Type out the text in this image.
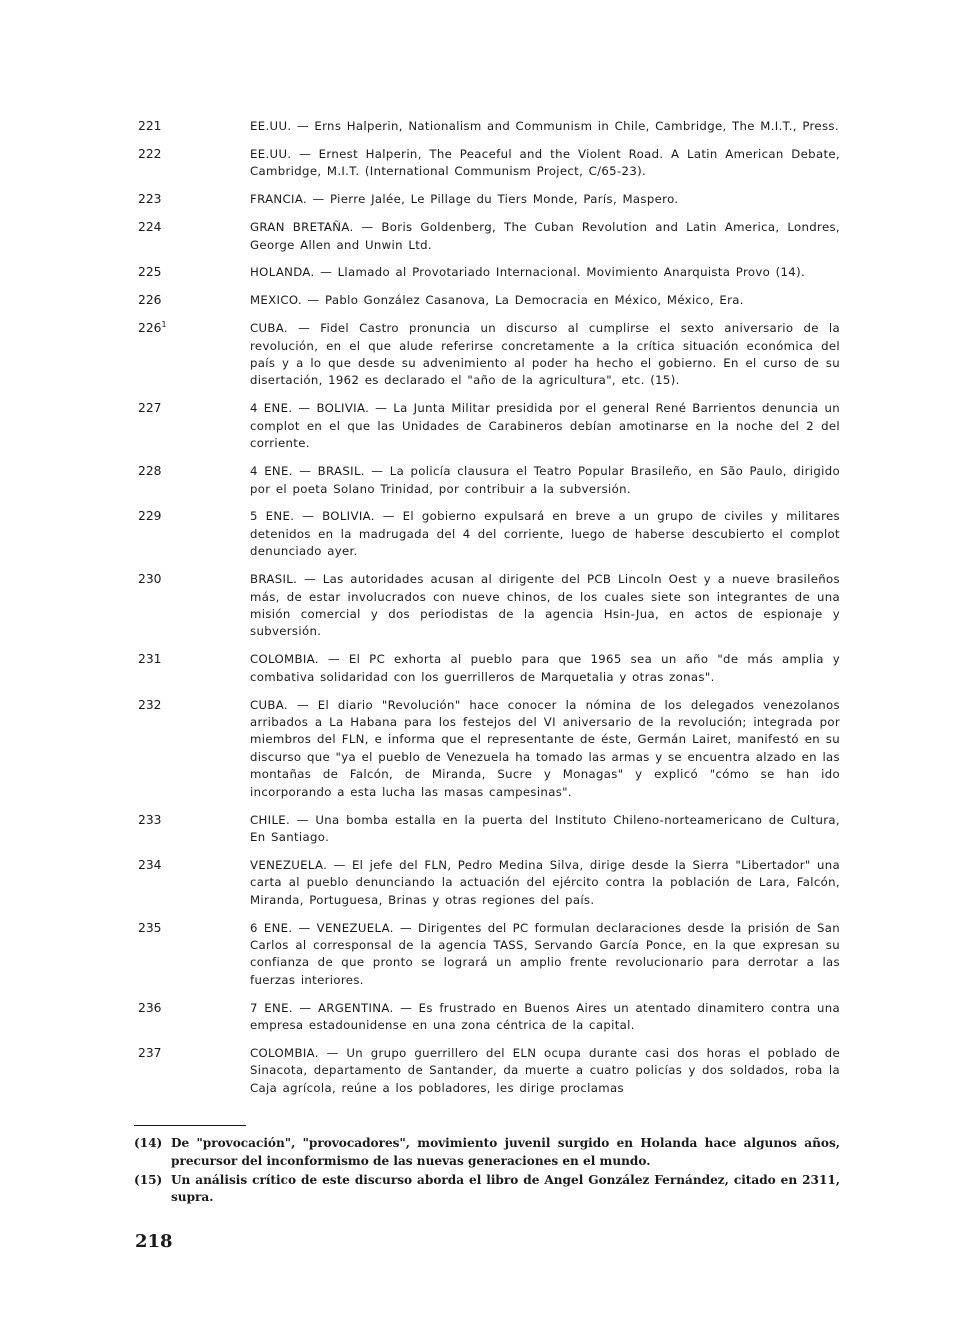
221	EE.UU. — Erns Halperin, Nationalism and Communism in Chile, Cambridge, The M.I.T., Press.
222	EE.UU. — Ernest Halperin, The Peaceful and the Violent Road. A Latin American Debate, Cambridge, M.I.T. (International Communism Project, C/65-23).
223	FRANCIA. — Pierre Jalée, Le Pillage du Tiers Monde, París, Maspero.
224	GRAN BRETAÑA. — Boris Goldenberg, The Cuban Revolution and Latin America, Londres, George Allen and Unwin Ltd.
225	HOLANDA. — Llamado al Provotariado Internacional. Movimiento Anarquista Provo (14).
226	MEXICO. — Pablo González Casanova, La Democracia en México, México, Era.
$226^1$	CUBA. — Fidel Castro pronuncia un discurso al cumplirse el sexto aniversario de la revolución, en el que alude referirse concretamente a la crítica situación económica del país y a lo que desde su advenimiento al poder ha hecho el gobierno. En el curso de su disertación, 1962 es declarado el "año de la agricultura", etc. (15).
227	4 ENE. — BOLIVIA. — La Junta Militar presidida por el general René Barrientos denuncia un complot en el que las Unidades de Carabineros debían amotinarse en la noche del 2 del corriente.
228	4 ENE. — BRASIL. — La policía clausura el Teatro Popular Brasileño, en São Paulo, dirigido por el poeta Solano Trinidad, por contribuir a la subversión.
229	5 ENE. — BOLIVIA. — El gobierno expulsará en breve a un grupo de civiles y militares detenidos en la madrugada del 4 del corriente, luego de haberse descubierto el complot denunciado ayer.
230	BRASIL. — Las autoridades acusan al dirigente del PCB Lincoln Oest y a nueve brasileños más, de estar involucrados con nueve chinos, de los cuales siete son integrantes de una misión comercial y dos periodistas de la agencia Hsin-Jua, en actos de espionaje y subversión.
231	COLOMBIA. — El PC exhorta al pueblo para que 1965 sea un año "de más amplia y combativa solidaridad con los guerrilleros de Marquetalia y otras zonas".
232	CUBA. — El diario "Revolución" hace conocer la nómina de los delegados venezolanos arribados a La Habana para los festejos del VI aniversario de la revolución; integrada por miembros del FLN, e informa que el representante de éste, Germán Lairet, manifestó en su discurso que "ya el pueblo de Venezuela ha tomado las armas y se encuentra alzado en las montañas de Falcón, de Miranda, Sucre y Monagas" y explicó "cómo se han ido incorporando a esta lucha las masas campesinas".
233	CHILE. — Una bomba estalla en la puerta del Instituto Chileno-norteamericano de Cultura, En Santiago.
234	VENEZUELA. — El jefe del FLN, Pedro Medina Silva, dirige desde la Sierra "Libertador" una carta al pueblo denunciando la actuación del ejército contra la población de Lara, Falcón, Miranda, Portuguesa, Brinas y otras regiones del país.
235	6 ENE. — VENEZUELA. — Dirigentes del PC formulan declaraciones desde la prisión de San Carlos al corresponsal de la agencia TASS, Servando García Ponce, en la que expresan su confianza de que pronto se logrará un amplio frente revolucionario para derrotar a las fuerzas interiores.
236	7 ENE. — ARGENTINA. — Es frustrado en Buenos Aires un atentado dinamitero contra una empresa estadounidense en una zona céntrica de la capital.
237	COLOMBIA. — Un grupo guerrillero del ELN ocupa durante casi dos horas el poblado de Sinacota, departamento de Santander, da muerte a cuatro policías y dos soldados, roba la Caja agrícola, reúne a los pobladores, les dirige proclamas
(14) De "provocación", "provocadores", movimiento juvenil surgido en Holanda hace algunos años, precursor del inconformismo de las nuevas generaciones en el mundo.
(15) Un análisis crítico de este discurso aborda el libro de Angel González Fernández, citado en 2311, supra.
218
